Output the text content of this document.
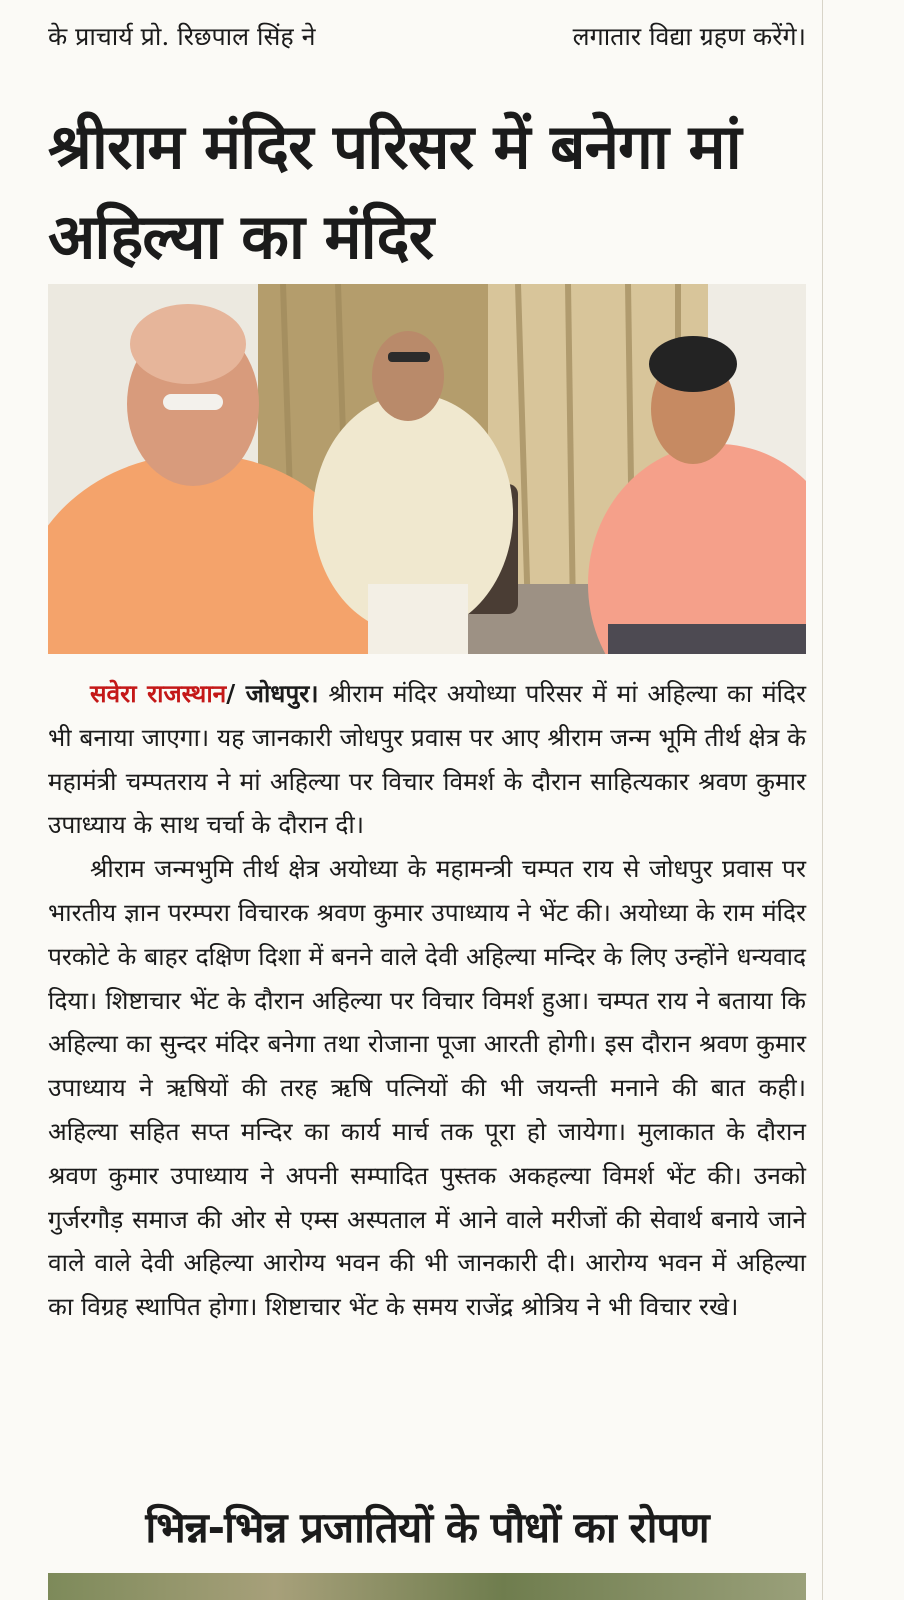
के प्राचार्य प्रो. रिछपाल सिंह ने	लगातार विद्या ग्रहण करेंगे।
श्रीराम मंदिर परिसर में बनेगा मां अहिल्या का मंदिर

सवेरा राजस्थान/ जोधपुर। श्रीराम मंदिर अयोध्या परिसर में मां अहिल्या का मंदिर भी बनाया जाएगा। यह जानकारी जोधपुर प्रवास पर आए श्रीराम जन्म भूमि तीर्थ क्षेत्र के महामंत्री चम्पतराय ने मां अहिल्या पर विचार विमर्श के दौरान साहित्यकार श्रवण कुमार उपाध्याय के साथ चर्चा के दौरान दी।

श्रीराम जन्मभुमि तीर्थ क्षेत्र अयोध्या के महामन्त्री चम्पत राय से जोधपुर प्रवास पर भारतीय ज्ञान परम्परा विचारक श्रवण कुमार उपाध्याय ने भेंट की। अयोध्या के राम मंदिर परकोटे के बाहर दक्षिण दिशा में बनने वाले देवी अहिल्या मन्दिर के लिए उन्होंने धन्यवाद दिया। शिष्टाचार भेंट के दौरान अहिल्या पर विचार विमर्श हुआ। चम्पत राय ने बताया कि अहिल्या का सुन्दर मंदिर बनेगा तथा रोजाना पूजा आरती होगी। इस दौरान श्रवण कुमार उपाध्याय ने ऋषियों की तरह ऋषि पत्नियों की भी जयन्ती मनाने की बात कही। अहिल्या सहित सप्त मन्दिर का कार्य मार्च तक पूरा हो जायेगा। मुलाकात के दौरान श्रवण कुमार उपाध्याय ने अपनी सम्पादित पुस्तक अकहल्या विमर्श भेंट की। उनको गुर्जरगौड़ समाज की ओर से एम्स अस्पताल में आने वाले मरीजों की सेवार्थ बनाये जाने वाले वाले देवी अहिल्या आरोग्य भवन की भी जानकारी दी। आरोग्य भवन में अहिल्या का विग्रह स्थापित होगा। शिष्टाचार भेंट के समय राजेंद्र श्रोत्रिय ने भी विचार रखे।

भिन्न-भिन्न प्रजातियों के पौधों का रोपण
